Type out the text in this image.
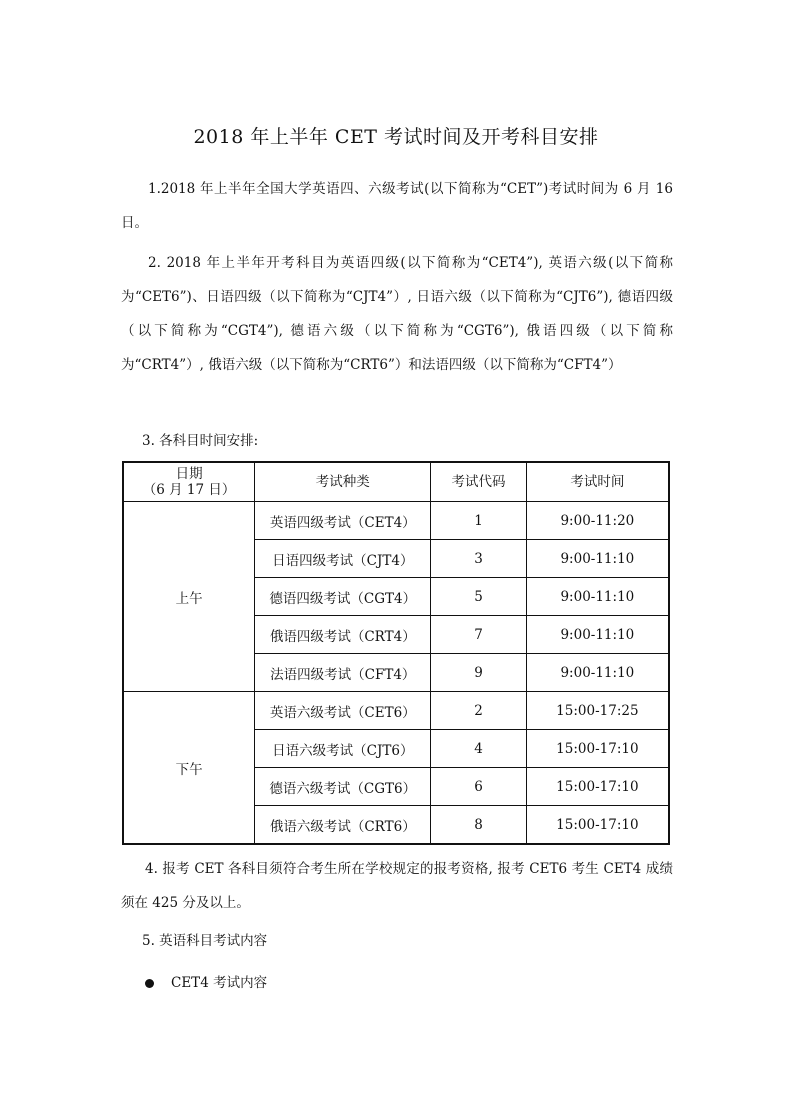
2018 年上半年 CET 考试时间及开考科目安排

1.2018 年上半年全国大学英语四、六级考试(以下简称为“CET”)考试时间为 6 月 16 日。

2. 2018 年上半年开考科目为英语四级(以下简称为“CET4”), 英语六级(以下简称为“CET6”)、日语四级（以下简称为“CJT4”）, 日语六级（以下简称为“CJT6”), 德语四级（以下简称为“CGT4”), 德语六级（以下简称为“CGT6”), 俄语四级（以下简称为“CRT4”）, 俄语六级（以下简称为“CRT6”）和法语四级（以下简称为“CFT4”）

3. 各科目时间安排:

日期
（6 月 17 日）	考试种类	考试代码	考试时间
上午	英语四级考试（CET4）	1	9:00-11:20
	日语四级考试（CJT4）	3	9:00-11:10
	德语四级考试（CGT4）	5	9:00-11:10
	俄语四级考试（CRT4）	7	9:00-11:10
	法语四级考试（CFT4）	9	9:00-11:10
下午	英语六级考试（CET6）	2	15:00-17:25
	日语六级考试（CJT6）	4	15:00-17:10
	德语六级考试（CGT6）	6	15:00-17:10
	俄语六级考试（CRT6）	8	15:00-17:10

4. 报考 CET 各科目须符合考生所在学校规定的报考资格, 报考 CET6 考生 CET4 成绩须在 425 分及以上。

5. 英语科目考试内容

CET4 考试内容
